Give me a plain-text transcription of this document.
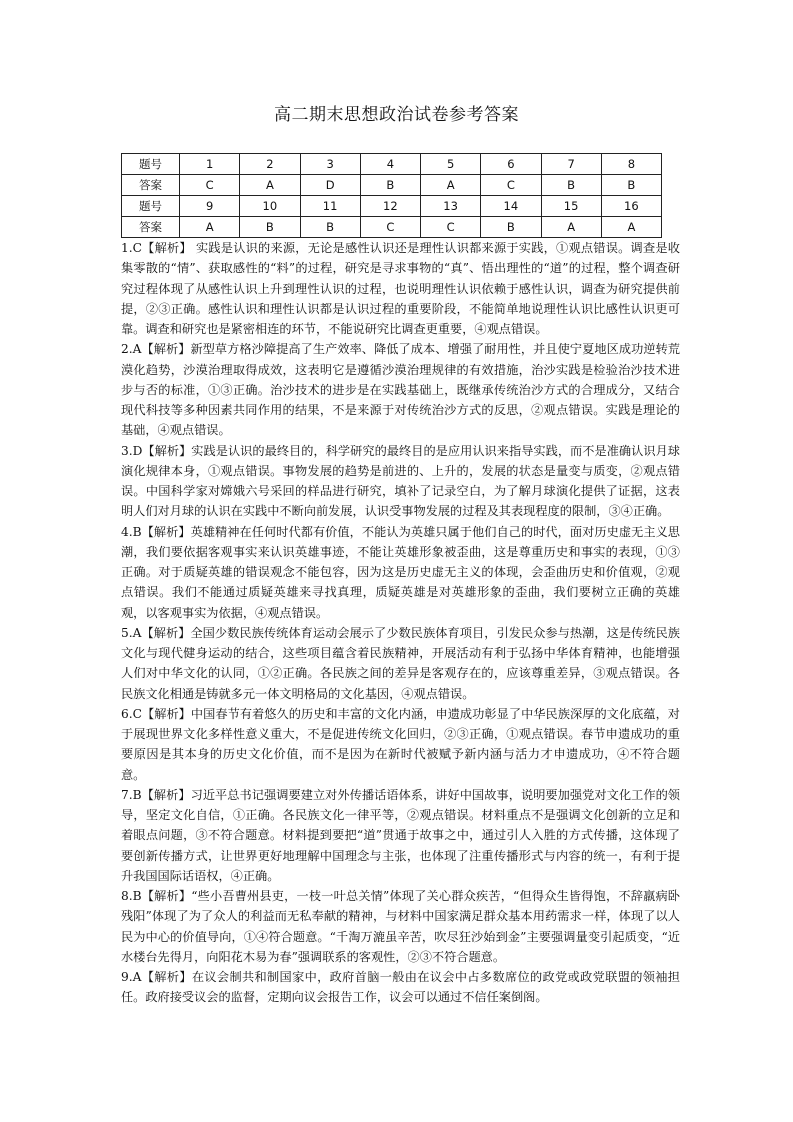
高二期末思想政治试卷参考答案
题号	1	2	3	4	5	6	7	8
答案	C	A	D	B	A	C	B	B
题号	9	10	11	12	13	14	15	16
答案	A	B	B	C	C	B	A	A

1.C【解析】 实践是认识的来源，无论是感性认识还是理性认识都来源于实践，①观点错误。调查是收集零散的“情”、获取感性的“料”的过程，研究是寻求事物的“真”、悟出理性的“道”的过程，整个调查研究过程体现了从感性认识上升到理性认识的过程，也说明理性认识依赖于感性认识，调查为研究提供前提，②③正确。感性认识和理性认识都是认识过程的重要阶段，不能简单地说理性认识比感性认识更可靠。调查和研究也是紧密相连的环节，不能说研究比调查更重要，④观点错误。

2.A【解析】新型草方格沙障提高了生产效率、降低了成本、增强了耐用性，并且使宁夏地区成功逆转荒漠化趋势，沙漠治理取得成效，这表明它是遵循沙漠治理规律的有效措施，治沙实践是检验治沙技术进步与否的标准，①③正确。治沙技术的进步是在实践基础上，既继承传统治沙方式的合理成分，又结合现代科技等多种因素共同作用的结果，不是来源于对传统治沙方式的反思，②观点错误。实践是理论的基础，④观点错误。

3.D【解析】实践是认识的最终目的，科学研究的最终目的是应用认识来指导实践，而不是准确认识月球演化规律本身，①观点错误。事物发展的趋势是前进的、上升的，发展的状态是量变与质变，②观点错误。中国科学家对嫦娥六号采回的样品进行研究，填补了记录空白，为了解月球演化提供了证据，这表明人们对月球的认识在实践中不断向前发展，认识受事物发展的过程及其表现程度的限制，③④正确。

4.B【解析】英雄精神在任何时代都有价值，不能认为英雄只属于他们自己的时代，面对历史虚无主义思潮，我们要依据客观事实来认识英雄事迹，不能让英雄形象被歪曲，这是尊重历史和事实的表现，①③正确。对于质疑英雄的错误观念不能包容，因为这是历史虚无主义的体现，会歪曲历史和价值观，②观点错误。我们不能通过质疑英雄来寻找真理，质疑英雄是对英雄形象的歪曲，我们要树立正确的英雄观，以客观事实为依据，④观点错误。

5.A【解析】全国少数民族传统体育运动会展示了少数民族体育项目，引发民众参与热潮，这是传统民族文化与现代健身运动的结合，这些项目蕴含着民族精神，开展活动有利于弘扬中华体育精神，也能增强人们对中华文化的认同，①②正确。各民族之间的差异是客观存在的，应该尊重差异，③观点错误。各民族文化相通是铸就多元一体文明格局的文化基因，④观点错误。

6.C【解析】中国春节有着悠久的历史和丰富的文化内涵，申遗成功彰显了中华民族深厚的文化底蕴，对于展现世界文化多样性意义重大，不是促进传统文化回归，②③正确，①观点错误。春节申遗成功的重要原因是其本身的历史文化价值，而不是因为在新时代被赋予新内涵与活力才申遗成功，④不符合题意。

7.B【解析】习近平总书记强调要建立对外传播话语体系，讲好中国故事，说明要加强党对文化工作的领导，坚定文化自信，①正确。各民族文化一律平等，②观点错误。材料重点不是强调文化创新的立足和着眼点问题，③不符合题意。材料提到要把“道”贯通于故事之中，通过引人入胜的方式传播，这体现了要创新传播方式，让世界更好地理解中国理念与主张，也体现了注重传播形式与内容的统一，有利于提升我国国际话语权，④正确。

8.B【解析】“些小吾曹州县吏，一枝一叶总关情”体现了关心群众疾苦，“但得众生皆得饱，不辞羸病卧残阳”体现了为了众人的利益而无私奉献的精神，与材料中国家满足群众基本用药需求一样，体现了以人民为中心的价值导向，①④符合题意。“千淘万漉虽辛苦，吹尽狂沙始到金”主要强调量变引起质变，“近水楼台先得月，向阳花木易为春”强调联系的客观性，②③不符合题意。

9.A【解析】在议会制共和制国家中，政府首脑一般由在议会中占多数席位的政党或政党联盟的领袖担任。政府接受议会的监督，定期向议会报告工作，议会可以通过不信任案倒阁。
